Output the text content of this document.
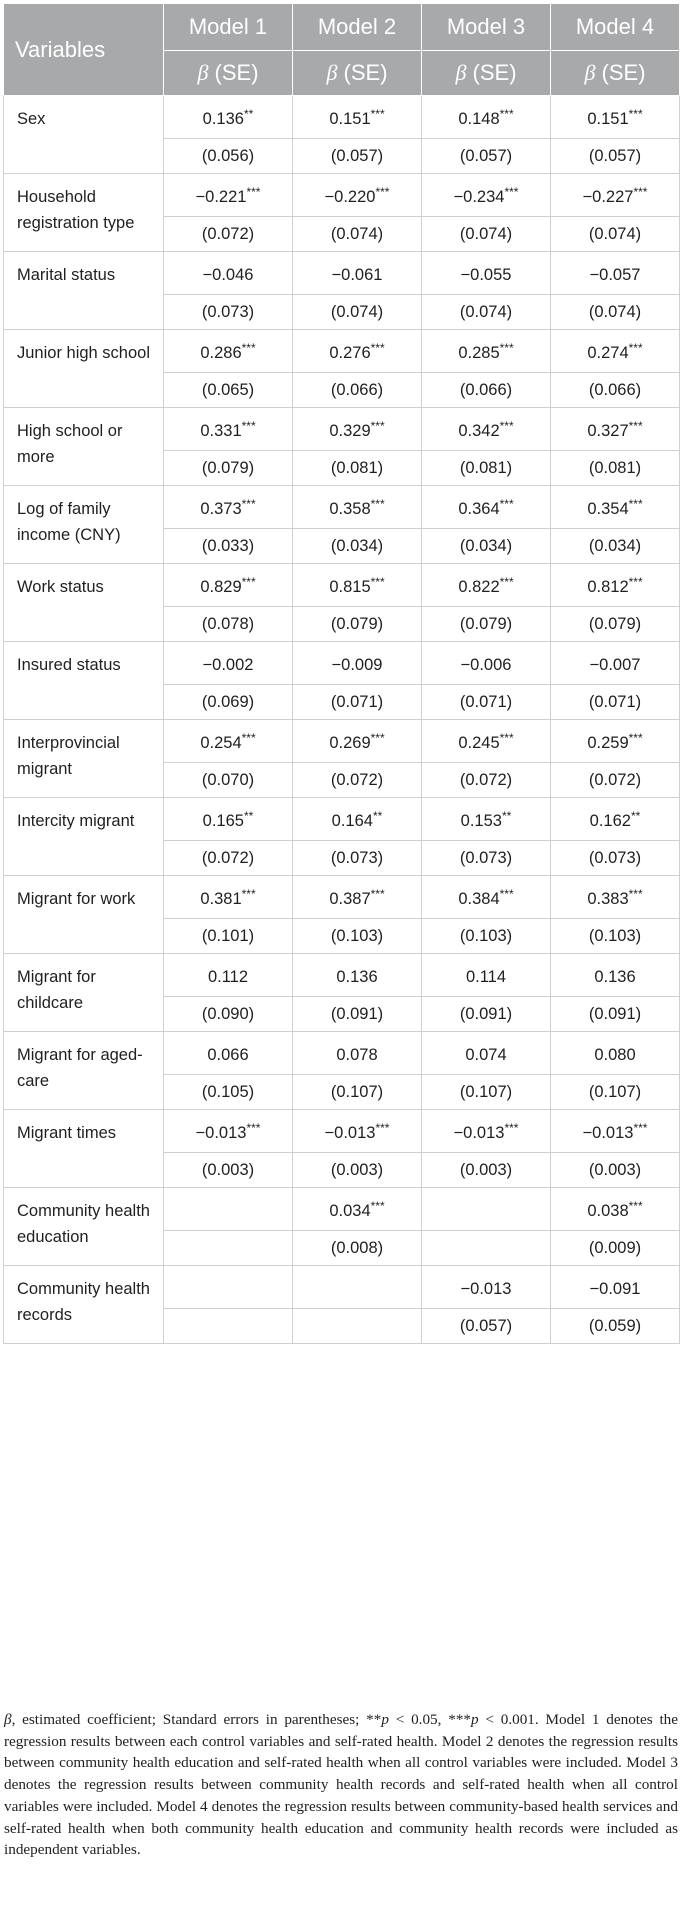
Variables	Model 1	Model 2	Model 3	Model 4
	β (SE)	β (SE)	β (SE)	β (SE)
Sex	0.136**	0.151***	0.148***	0.151***
	(0.056)	(0.057)	(0.057)	(0.057)
Household registration type	−0.221***	−0.220***	−0.234***	−0.227***
	(0.072)	(0.074)	(0.074)	(0.074)
Marital status	−0.046	−0.061	−0.055	−0.057
	(0.073)	(0.074)	(0.074)	(0.074)
Junior high school	0.286***	0.276***	0.285***	0.274***
	(0.065)	(0.066)	(0.066)	(0.066)
High school or more	0.331***	0.329***	0.342***	0.327***
	(0.079)	(0.081)	(0.081)	(0.081)
Log of family income (CNY)	0.373***	0.358***	0.364***	0.354***
	(0.033)	(0.034)	(0.034)	(0.034)
Work status	0.829***	0.815***	0.822***	0.812***
	(0.078)	(0.079)	(0.079)	(0.079)
Insured status	−0.002	−0.009	−0.006	−0.007
	(0.069)	(0.071)	(0.071)	(0.071)
Interprovincial migrant	0.254***	0.269***	0.245***	0.259***
	(0.070)	(0.072)	(0.072)	(0.072)
Intercity migrant	0.165**	0.164**	0.153**	0.162**
	(0.072)	(0.073)	(0.073)	(0.073)
Migrant for work	0.381***	0.387***	0.384***	0.383***
	(0.101)	(0.103)	(0.103)	(0.103)
Migrant for childcare	0.112	0.136	0.114	0.136
	(0.090)	(0.091)	(0.091)	(0.091)
Migrant for aged-care	0.066	0.078	0.074	0.080
	(0.105)	(0.107)	(0.107)	(0.107)
Migrant times	−0.013***	−0.013***	−0.013***	−0.013***
	(0.003)	(0.003)	(0.003)	(0.003)
Community health education		0.034***		0.038***
		(0.008)		(0.009)
Community health records			−0.013	−0.091
			(0.057)	(0.059)
β, estimated coefficient; Standard errors in parentheses; **p < 0.05, ***p < 0.001. Model 1 denotes the regression results between each control variables and self-rated health. Model 2 denotes the regression results between community health education and self-rated health when all control variables were included. Model 3 denotes the regression results between community health records and self-rated health when all control variables were included. Model 4 denotes the regression results between community-based health services and self-rated health when both community health education and community health records were included as independent variables.
